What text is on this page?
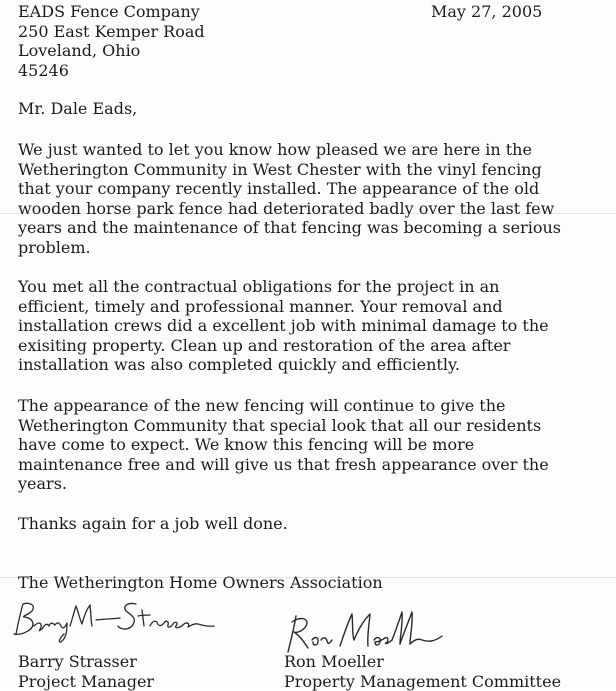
EADS Fence Company
250 East Kemper Road
Loveland, Ohio
45246
May 27, 2005
Mr. Dale Eads,
We just wanted to let you know how pleased we are here in the
Wetherington Community in West Chester with the vinyl fencing
that your company recently installed. The appearance of the old
wooden horse park fence had deteriorated badly over the last few
years and the maintenance of that fencing was becoming a serious
problem.
You met all the contractual obligations for the project in an
efficient, timely and professional manner. Your removal and
installation crews did a excellent job with minimal damage to the
exisiting property. Clean up and restoration of the area after
installation was also completed quickly and efficiently.
The appearance of the new fencing will continue to give the
Wetherington Community that special look that all our residents
have come to expect. We know this fencing will be more
maintenance free and will give us that fresh appearance over the
years.
Thanks again for a job well done.
The Wetherington Home Owners Association
Barry Strasser
Project Manager
Ron Moeller
Property Management Committee
